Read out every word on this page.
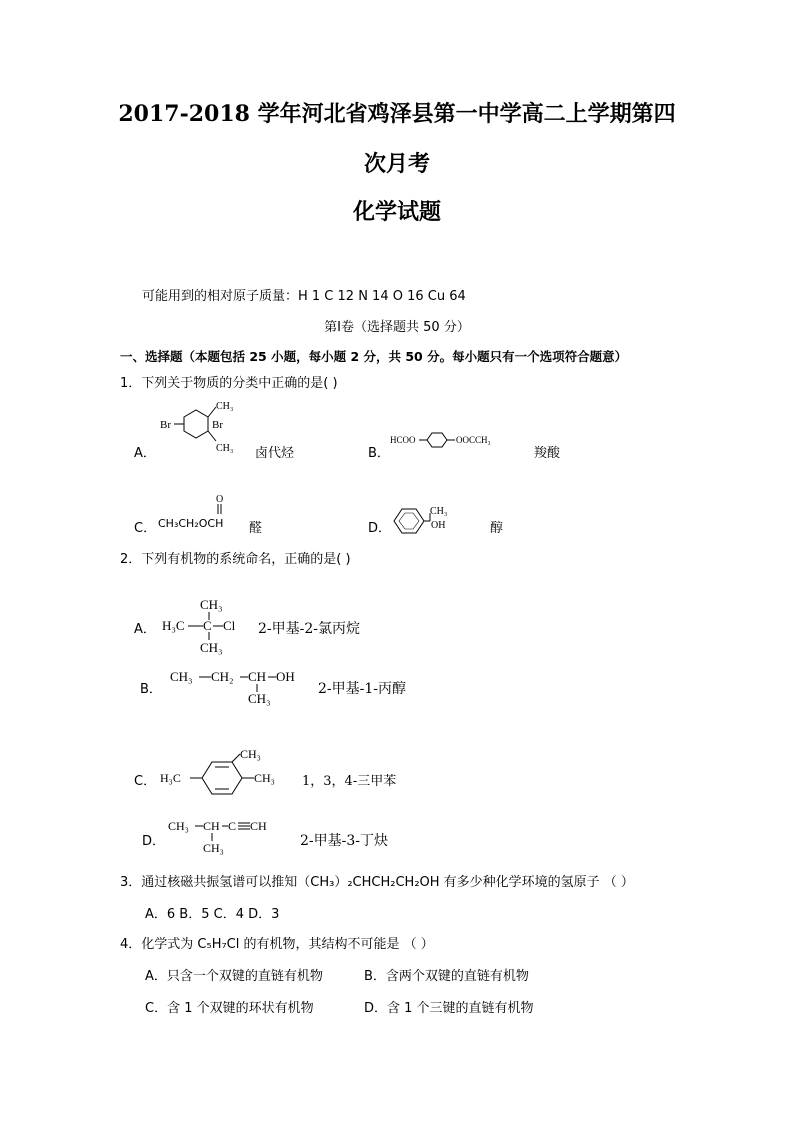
2017-2018 学年河北省鸡泽县第一中学高二上学期第四
次月考
化学试题
可能用到的相对原子质量：H 1 C 12 N 14 O 16 Cu 64
第Ⅰ卷（选择题共 50 分）
一、选择题（本题包括 25 小题，每小题 2 分，共 50 分。每小题只有一个选项符合题意）
1．下列关于物质的分类中正确的是( )
A．
CH₃
CH₃
Br	Br
卤代烃	B．
HCOO	OOCCH₃
羧酸
C．
O
CH₃CH₂OCH 醛	D．
CH₃
OH	醇
2．下列有机物的系统命名，正确的是( )
A．
CH₃
H₃C C Cl
CH₃
2-甲基-2-氯丙烷
B．
CH₃ CH₂ CH OH
CH₃
2-甲基-1-丙醇
C．
CH₃
CH₃
H₃C	1，3，4-三甲苯
D．
CH₃ CH C CH
CH₃	2-甲基-3-丁炔
3．通过核磁共振氢谱可以推知（CH₃）₂CHCH₂CH₂OH 有多少种化学环境的氢原子 （ ）
A．6 B．5 C．4 D．3
4．化学式为 C₅H₇Cl 的有机物，其结构不可能是 （ ）
A．只含一个双键的直链有机物	B．含两个双键的直链有机物
C．含 1 个双键的环状有机物	D．含 1 个三键的直链有机物
